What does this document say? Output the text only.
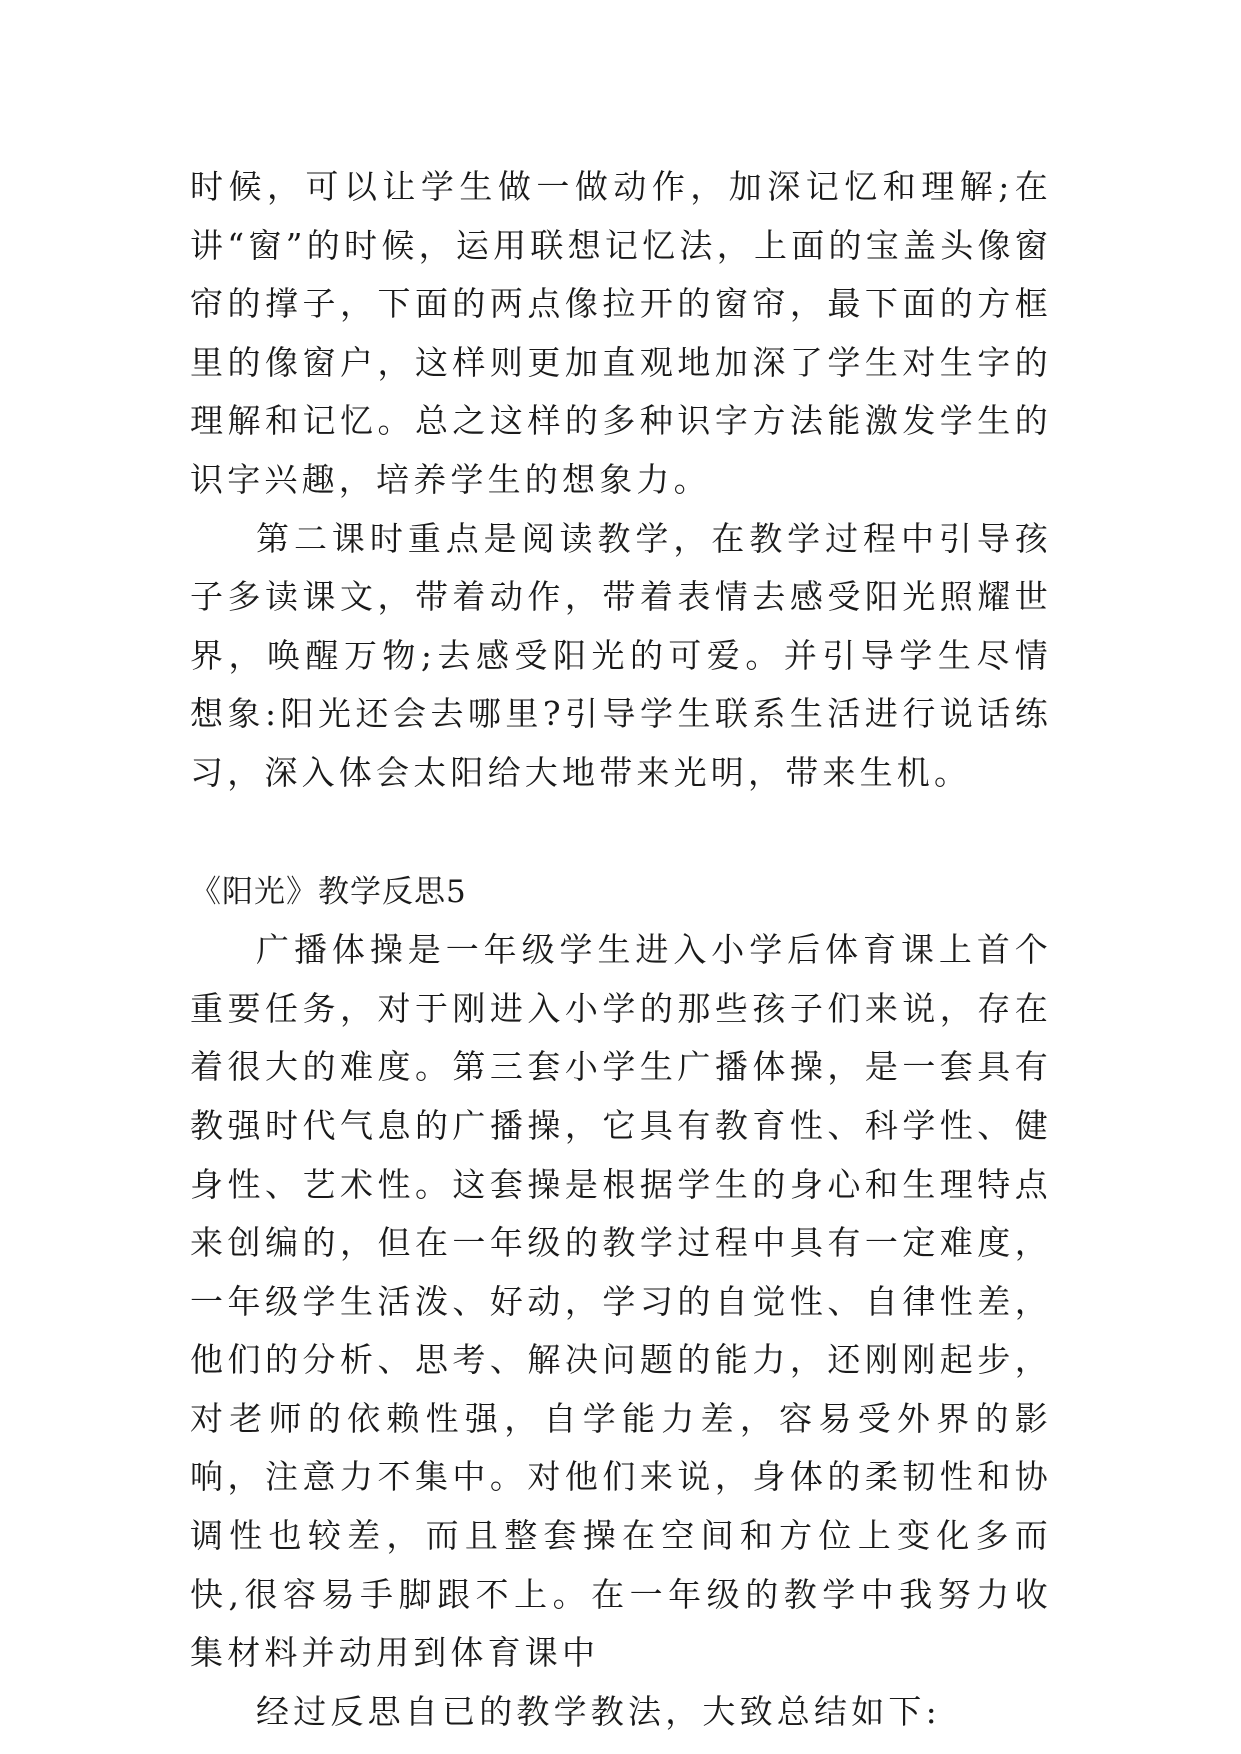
时候，可以让学生做一做动作，加深记忆和理解;在讲“窗”的时候，运用联想记忆法，上面的宝盖头像窗帘的撑子，下面的两点像拉开的窗帘，最下面的方框里的像窗户，这样则更加直观地加深了学生对生字的理解和记忆。总之这样的多种识字方法能激发学生的识字兴趣，培养学生的想象力。

第二课时重点是阅读教学，在教学过程中引导孩子多读课文，带着动作，带着表情去感受阳光照耀世界，唤醒万物;去感受阳光的可爱。并引导学生尽情想象:阳光还会去哪里?引导学生联系生活进行说话练习，深入体会太阳给大地带来光明，带来生机。

《阳光》教学反思5

广播体操是一年级学生进入小学后体育课上首个重要任务，对于刚进入小学的那些孩子们来说，存在着很大的难度。第三套小学生广播体操，是一套具有教强时代气息的广播操，它具有教育性、科学性、健身性、艺术性。这套操是根据学生的身心和生理特点来创编的，但在一年级的教学过程中具有一定难度，一年级学生活泼、好动，学习的自觉性、自律性差，他们的分析、思考、解决问题的能力，还刚刚起步，对老师的依赖性强，自学能力差，容易受外界的影响，注意力不集中。对他们来说，身体的柔韧性和协调性也较差，而且整套操在空间和方位上变化多而快,很容易手脚跟不上。在一年级的教学中我努力收集材料并动用到体育课中

经过反思自已的教学教法，大致总结如下:
